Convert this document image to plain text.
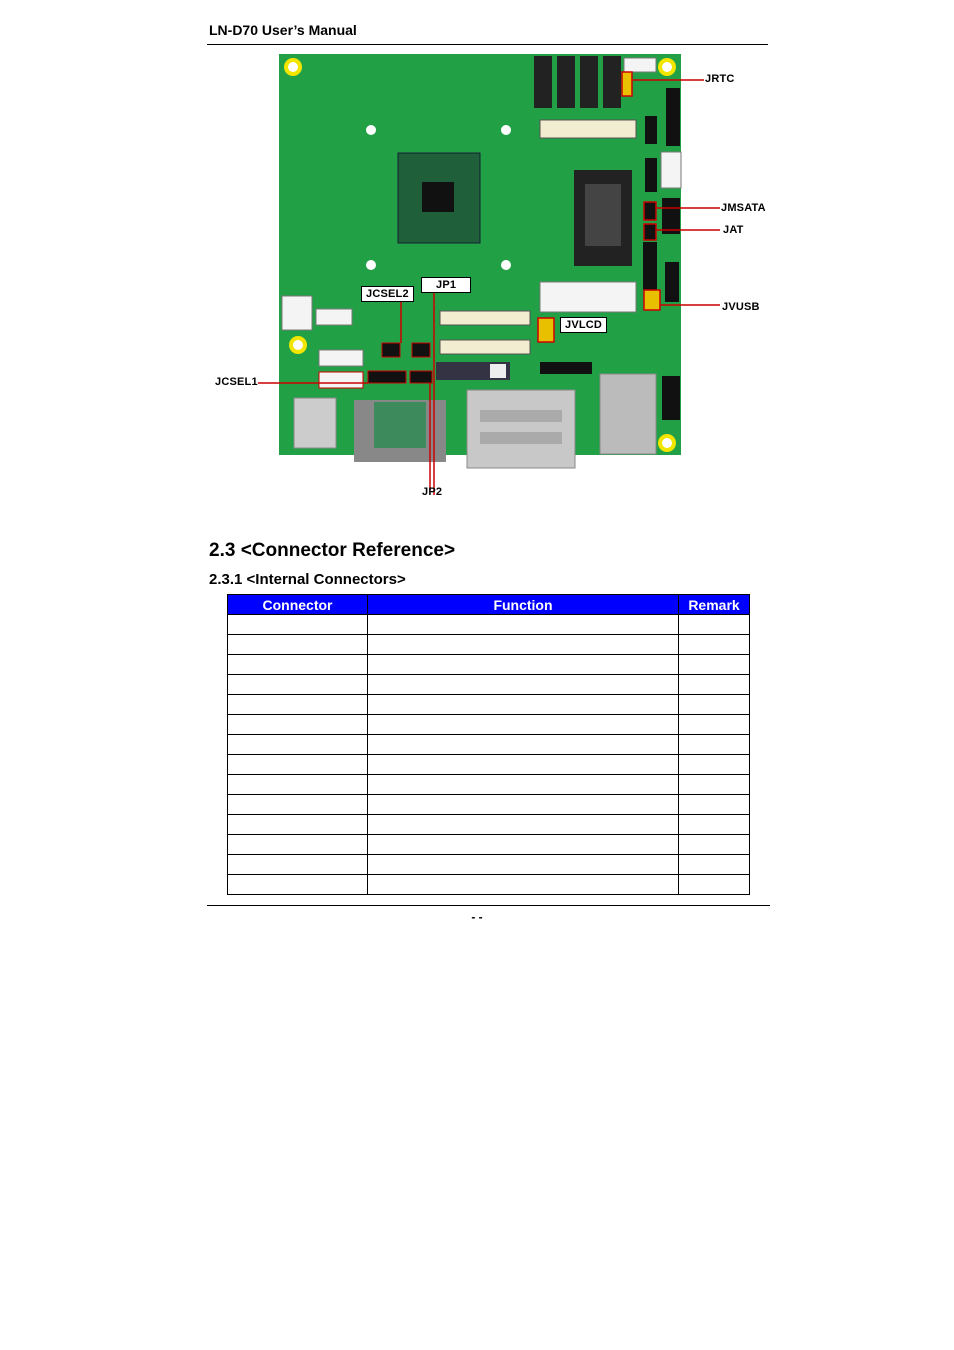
LN-D70 User’s Manual
JRTC
JMSATA
JAT
JVUSB
JVLCD
JP1
JCSEL2
JCSEL1
JP2
2.3 <Connector Reference>
2.3.1 <Internal Connectors>
Connector	Function	Remark

- -
